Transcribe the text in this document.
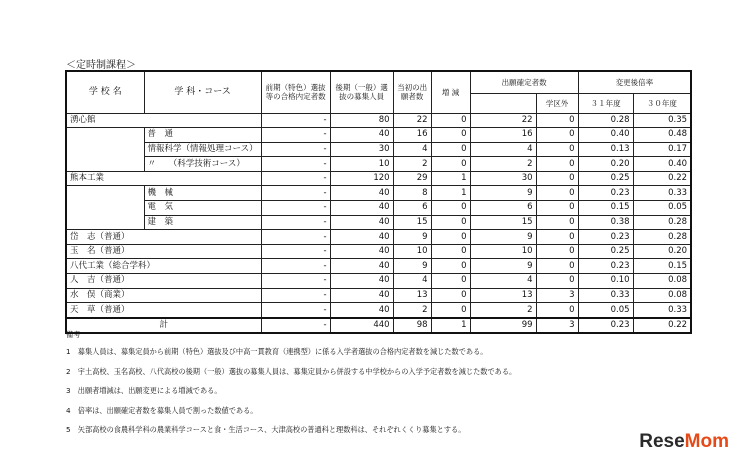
＜定時制課程＞
学 校 名	学 科・コース	前期（特色）選抜等の合格内定者数	後期（一般）選抜の募集人員	当初の出願者数	増 減	出願確定者数		変更後倍率	
							学区外	３１年度	３０年度
湧心館		-	80	22	0	22	0	0.28	0.35
	普　通	-	40	16	0	16	0	0.40	0.48
	情報科学（情報処理コース）	-	30	4	0	4	0	0.13	0.17
	〃　　（科学技術コース）	-	10	2	0	2	0	0.20	0.40
熊本工業		-	120	29	1	30	0	0.25	0.22
	機　械	-	40	8	1	9	0	0.23	0.33
	電　気	-	40	6	0	6	0	0.15	0.05
	建　築	-	40	15	0	15	0	0.38	0.28
岱　志（普通）		-	40	9	0	9	0	0.23	0.28
玉　名（普通）		-	40	10	0	10	0	0.25	0.20
八代工業（総合学科）		-	40	9	0	9	0	0.23	0.15
人　吉（普通）		-	40	4	0	4	0	0.10	0.08
水　俣（商業）		-	40	13	0	13	3	0.33	0.08
天　草（普通）		-	40	2	0	2	0	0.05	0.33
計		-	440	98	1	99	3	0.23	0.22
備考
1　募集人員は、募集定員から前期（特色）選抜及び中高一貫教育（連携型）に係る入学者選抜の合格内定者数を減じた数である。
2　宇土高校、玉名高校、八代高校の後期（一般）選抜の募集人員は、募集定員から併設する中学校からの入学予定者数を減じた数である。
3　出願者増減は、出願変更による増減である。
4　倍率は、出願確定者数を募集人員で割った数値である。
5　矢部高校の食農科学科の農業科学コースと食・生活コース、大津高校の普通科と理数科は、それぞれくくり募集とする。
ReseMom
